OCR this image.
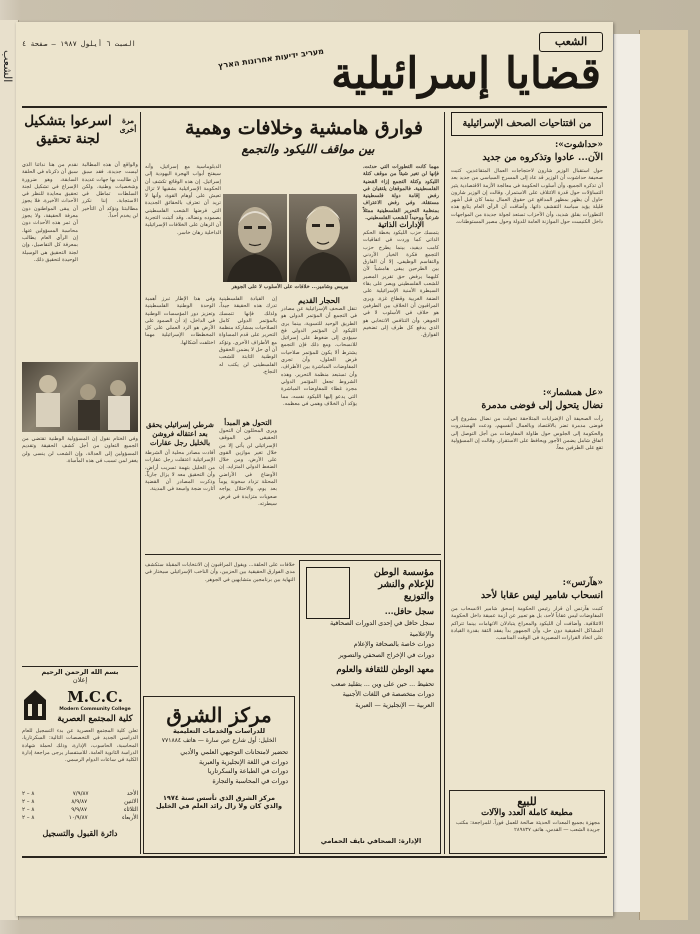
الشعب
الشعب
السبت ٦ أيلول ١٩٨٧ — صفحة ٤
قضايا إسرائيلية
מעריב ידיעות אחרונות הארץ
من افتتاحيات الصحف الإسرائيلية
«حداشوت»:
الآن... عادوا وتذكروه من جديد
حول استقبال الوزير شارون لاحتجاجات العمال المتقاعدين. كتبت صحيفة حداشوت أن الوزير قد عاد إلى المسرح السياسي من جديد بعد أن تذكره الجميع، وأن أسلوب الحكومة في معالجة الأزمة الاقتصادية يثير التساؤلات حول قدرة الائتلاف على الاستمرار. وقالت إن الوزير شارون حاول أن يظهر بمظهر المدافع عن حقوق العمال بينما كان قبل أشهر قليلة يؤيد سياسة التقشف ذاتها. وأضافت أن الرأي العام يتابع هذه التطورات بقلق شديد، وأن الأحزاب تستعد لجولة جديدة من المواجهات داخل الكنيست حول الموازنة العامة للدولة وحول مصير المستوطنات.
«عل همشمار»:
نضال يتحول إلى فوضى مدمرة
رأت الصحيفة أن الإضرابات المتلاحقة تحولت من نضال مشروع إلى فوضى مدمرة تضر بالاقتصاد وبالعمال أنفسهم، ودعت الهستدروت والحكومة إلى الجلوس حول طاولة المفاوضات من أجل التوصل إلى اتفاق شامل يضمن الأجور ويحافظ على الاستقرار. وقالت إن المسؤولية تقع على الطرفين معاً.
«هآرتس»:
انسحاب شامير ليس عقابا لأحد
كتبت هآرتس أن قرار رئيس الحكومة إسحق شامير الانسحاب من المفاوضات ليس عقاباً لأحد، بل هو تعبير عن أزمة عميقة داخل الحكومة الائتلافية. وأضافت أن الليكود والمعراخ يتبادلان الاتهامات بينما تتراكم المشاكل الحقيقية دون حل، وأن الجمهور بدأ يفقد الثقة بقدرة القيادة على اتخاذ القرارات المصيرية في الوقت المناسب.
للبيع
مطبعة كاملة العدد والآلات
مجهزة بجميع المعدات الحديثة صالحة للعمل فوراً. للمراجعة: مكتب جريدة الشعب — القدس، هاتف ٢٨٩٨٣٧
فوارق هامشية وخلافات وهمية
بين مواقف الليكود والتجمع
مهما كانت التطورات التي حدثت، فإنها لن تغير شيئاً من موقف كتلة الليكود وكتلة التجمع إزاء القضية الفلسطينية. فالموقفان يلتقيان في رفض إقامة دولة فلسطينية مستقلة، وفي رفض الاعتراف بمنظمة التحرير الفلسطينية ممثلاً شرعياً ووحيداً للشعب الفلسطيني.
الإدارات الذاتية
يتمسك حزب الليكود بخطة الحكم الذاتي كما وردت في اتفاقيات كامب ديفيد، بينما يطرح حزب التجمع فكرة الخيار الأردني والتقاسم الوظيفي. إلا أن الفارق بين الطرحين يبقى هامشياً لأن كليهما يرفض حق تقرير المصير للشعب الفلسطيني ويصر على بقاء السيطرة الأمنية الإسرائيلية على الضفة الغربية وقطاع غزة. ويرى المراقبون أن الخلاف بين الطرفين هو خلاف في الأسلوب لا في الجوهر، وأن التنافس الانتخابي هو الذي يدفع كل طرف إلى تضخيم الفوارق.
بيريس وشامير... خلافات على الأسلوب لا على الجوهر
الدبلوماسية مع إسرائيل، وأنه سيفتح أبواب الهجرة اليهودية إلى إسرائيل. إن هذه الوقائع تكشف أن الحكومة الإسرائيلية بشقيها لا تزال تعيش على أوهام القوة، وأنها لا تريد أن تعترف بالحقائق الجديدة التي فرضها الشعب الفلسطيني بصموده ونضاله. وقد أثبتت التجربة أن الرهان على الخلافات الإسرائيلية الداخلية رهان خاسر.
الحجار القديم
تنقل الصحف الإسرائيلية عن مصادر في التجمع أن المؤتمر الدولي هو الطريق الوحيد للتسوية، بينما يرى الليكود أن المؤتمر الدولي فخ سيؤدي إلى ضغوط على إسرائيل للانسحاب. ومع ذلك فإن التجمع يشترط ألا يكون للمؤتمر صلاحيات فرض الحلول، وأن تجري المفاوضات المباشرة بين الأطراف، وأن تستبعد منظمة التحرير. وهذه الشروط تجعل المؤتمر الدولي مجرد غطاء للمفاوضات المباشرة التي يدعو إليها الليكود نفسه، مما يؤكد أن الخلاف وهمي في معظمه.
إن القيادة الفلسطينية تدرك هذه الحقيقة جيداً، ولذلك فإنها تتمسك بالمؤتمر الدولي كامل الصلاحيات بمشاركة منظمة التحرير على قدم المساواة مع الأطراف الأخرى. وتؤكد أن أي حل لا يضمن الحقوق الوطنية الثابتة للشعب الفلسطيني لن يكتب له النجاح.
التحول هو المبدأ
ويرى المحللون أن التحول الحقيقي في الموقف الإسرائيلي لن يأتي إلا من خلال تغير موازين القوى على الأرض، ومن خلال الضغط الدولي المتزايد. إن الأوضاع في الأراضي المحتلة تزداد سخونة يوماً بعد يوم، والاحتلال يواجه صعوبات متزايدة في فرض سيطرته.
وفي هذا الإطار تبرز أهمية الوحدة الوطنية الفلسطينية وتعزيز دور المؤسسات الوطنية في الداخل، إذ أن الصمود على الأرض هو الرد العملي على كل المخططات الإسرائيلية مهما اختلفت أشكالها.
شرطي إسرائيلي يحقق بعد اعتقاله فروشن بالخليل رجل عقارات
أفادت مصادر محلية أن الشرطة الإسرائيلية اعتقلت رجل عقارات من الخليل بتهمة تسريب أراضٍ، وأن التحقيق معه لا يزال جارياً. وذكرت المصادر أن القضية أثارت ضجة واسعة في المدينة.
مؤسسة الوطن للإعلام والنشر والتوزيع
سجل حافل...
سجل حافل في إحدى الدورات الصحافية والإعلامية
دورات خاصة بالصحافة والإعلام
دورات في الإخراج الصحفي والتصوير
معهد الوطن للثقافة والعلوم
تحفيظ ... حين على وين ... بتقليد صعب
دورات متخصصة في اللغات الأجنبية
العربية — الإنجليزية — العبرية
الإدارة: الصحافي نايف الحمامي
مركز الشرق
للدراسات والخدمات التعليمية
الخليل: أول شارع عين سارة — هاتف ٧٧١٨٨٤
تحضير لامتحانات التوجيهي العلمي والأدبي
دورات في اللغة الإنجليزية والعبرية
دورات في الطباعة والسكرتاريا
دورات في المحاسبة والتجارة
مركز الشرق الذي تأسس سنة ١٩٧٤
والذي كان ولا زال رائد العلم في الخليل
خلافات على الحلقة... ويقول المراقبون إن الانتخابات المقبلة ستكشف مدى الفوارق الحقيقية بين الحزبين، وأن الناخب الإسرائيلي سيختار في النهاية بين برنامجين متشابهين في الجوهر.
مرة أخرى
اسرعوا بتشكيل لجنة تحقيق
نقدم من هنا ندائنا الذي سبق أن ذكرناه في الحلقة السابقة، وهو ضرورة الإسراع في تشكيل لجنة تحقيق محايدة للنظر في الأحداث الأخيرة. فلا يجوز أن يبقى المواطنون دون معرفة الحقيقة، ولا يجوز أن تمر هذه الأحداث دون محاسبة المسؤولين عنها. إن الرأي العام يطالب بمعرفة كل التفاصيل، وإن لجنة التحقيق هي الوسيلة الوحيدة لتحقيق ذلك.
والواقع أن هذه المطالبة ليست جديدة، فقد سبق أن طالبت بها جهات عديدة وشخصيات وطنية، ولكن السلطات تماطل في الاستجابة. إننا نكرر مطالبتنا ونؤكد أن التأخير لن يخدم أحداً.
وفي الختام نقول إن المسؤولية الوطنية تقتضي من الجميع التعاون من أجل كشف الحقيقة وتقديم المسؤولين إلى العدالة، وإن الشعب لن ينسى ولن يغفر لمن تسبب في هذه المأساة.
بسم الله الرحمن الرحيم
إعلان
M.C.C.
Modern Community College
كلية المجتمع العصرية
تعلن كلية المجتمع العصرية عن بدء التسجيل للعام الدراسي الجديد في التخصصات التالية: السكرتاريا، المحاسبة، الحاسوب، الإدارة، وذلك لحملة شهادة الدراسة الثانوية العامة. للاستفسار يرجى مراجعة إدارة الكلية في ساعات الدوام الرسمي.
الأحد
٧/٩/٨٧
٨ – ٢
الاثنين
٨/٩/٨٧
٨ – ٢
الثلاثاء
٩/٩/٨٧
٨ – ٢
الأربعاء
١٠/٩/٨٧
٨ – ٢
دائرة القبول والتسجيل
